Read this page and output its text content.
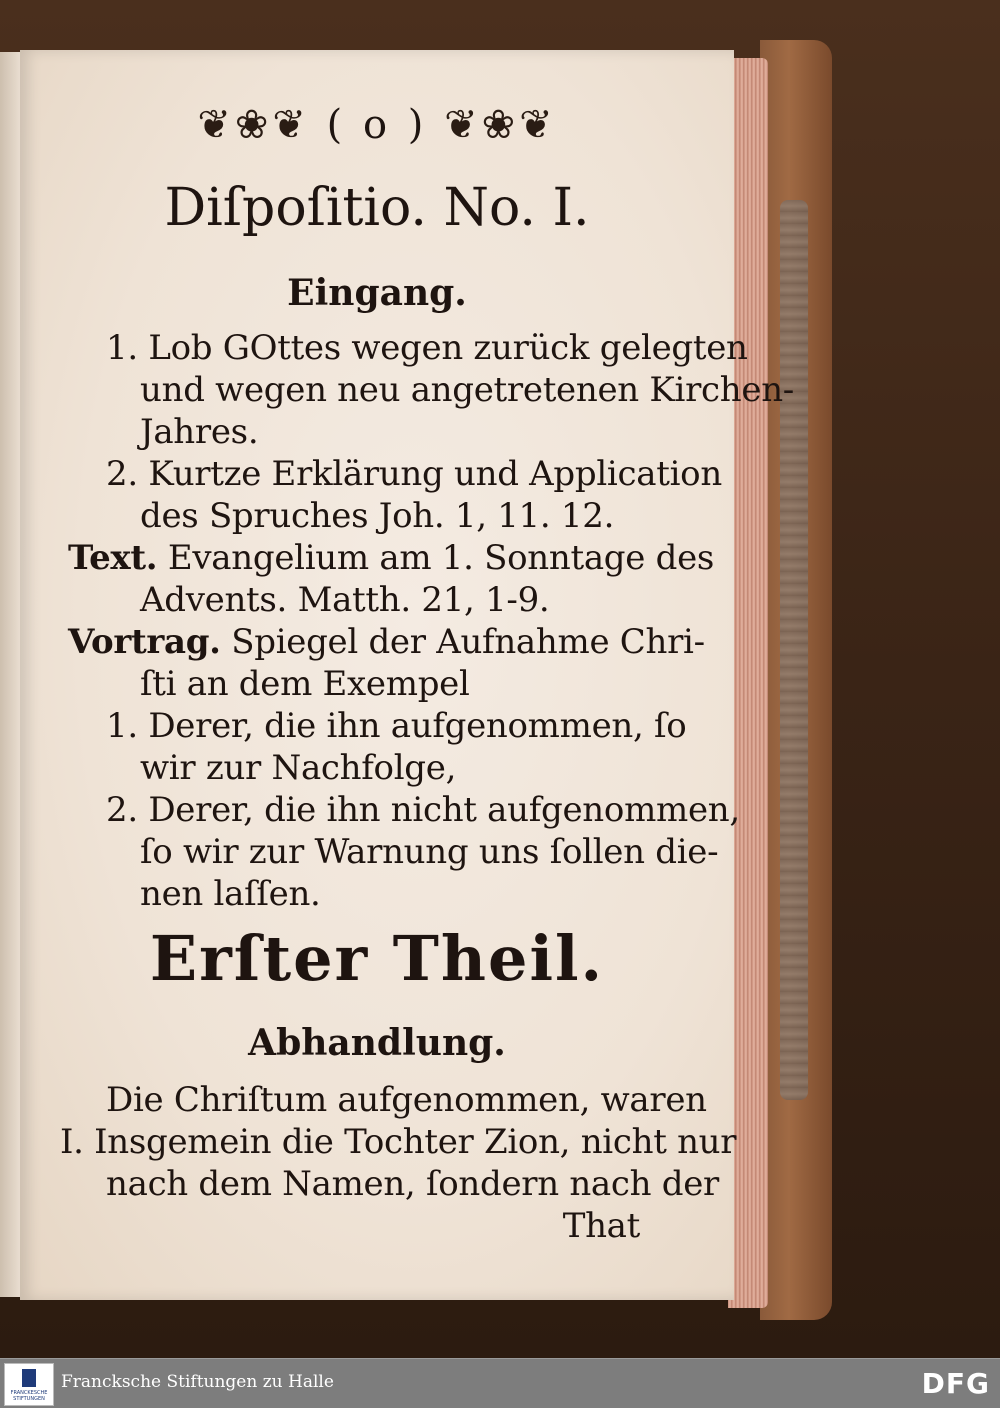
❦❀❦ ( o ) ❦❀❦
Diſpoſitio. No. I.
Eingang.
1. Lob GOttes wegen zurück gelegten
und wegen neu angetretenen Kirchen-
Jahres.
2. Kurtze Erklärung und Application
des Spruches Joh. 1, 11. 12.
Text. Evangelium am 1. Sonntage des
Advents. Matth. 21, 1-9.
Vortrag. Spiegel der Aufnahme Chri-
ſti an dem Exempel
1. Derer, die ihn aufgenommen, ſo
wir zur Nachfolge,
2. Derer, die ihn nicht aufgenommen,
ſo wir zur Warnung uns ſollen die-
nen laſſen.
Erſter Theil.
Abhandlung.
Die Chriſtum aufgenommen, waren
I. Insgemein die Tochter Zion, nicht nur
nach dem Namen, ſondern nach der
That
FRANCKESCHE STIFTUNGEN
Francksche Stiftungen zu Halle	DFG
